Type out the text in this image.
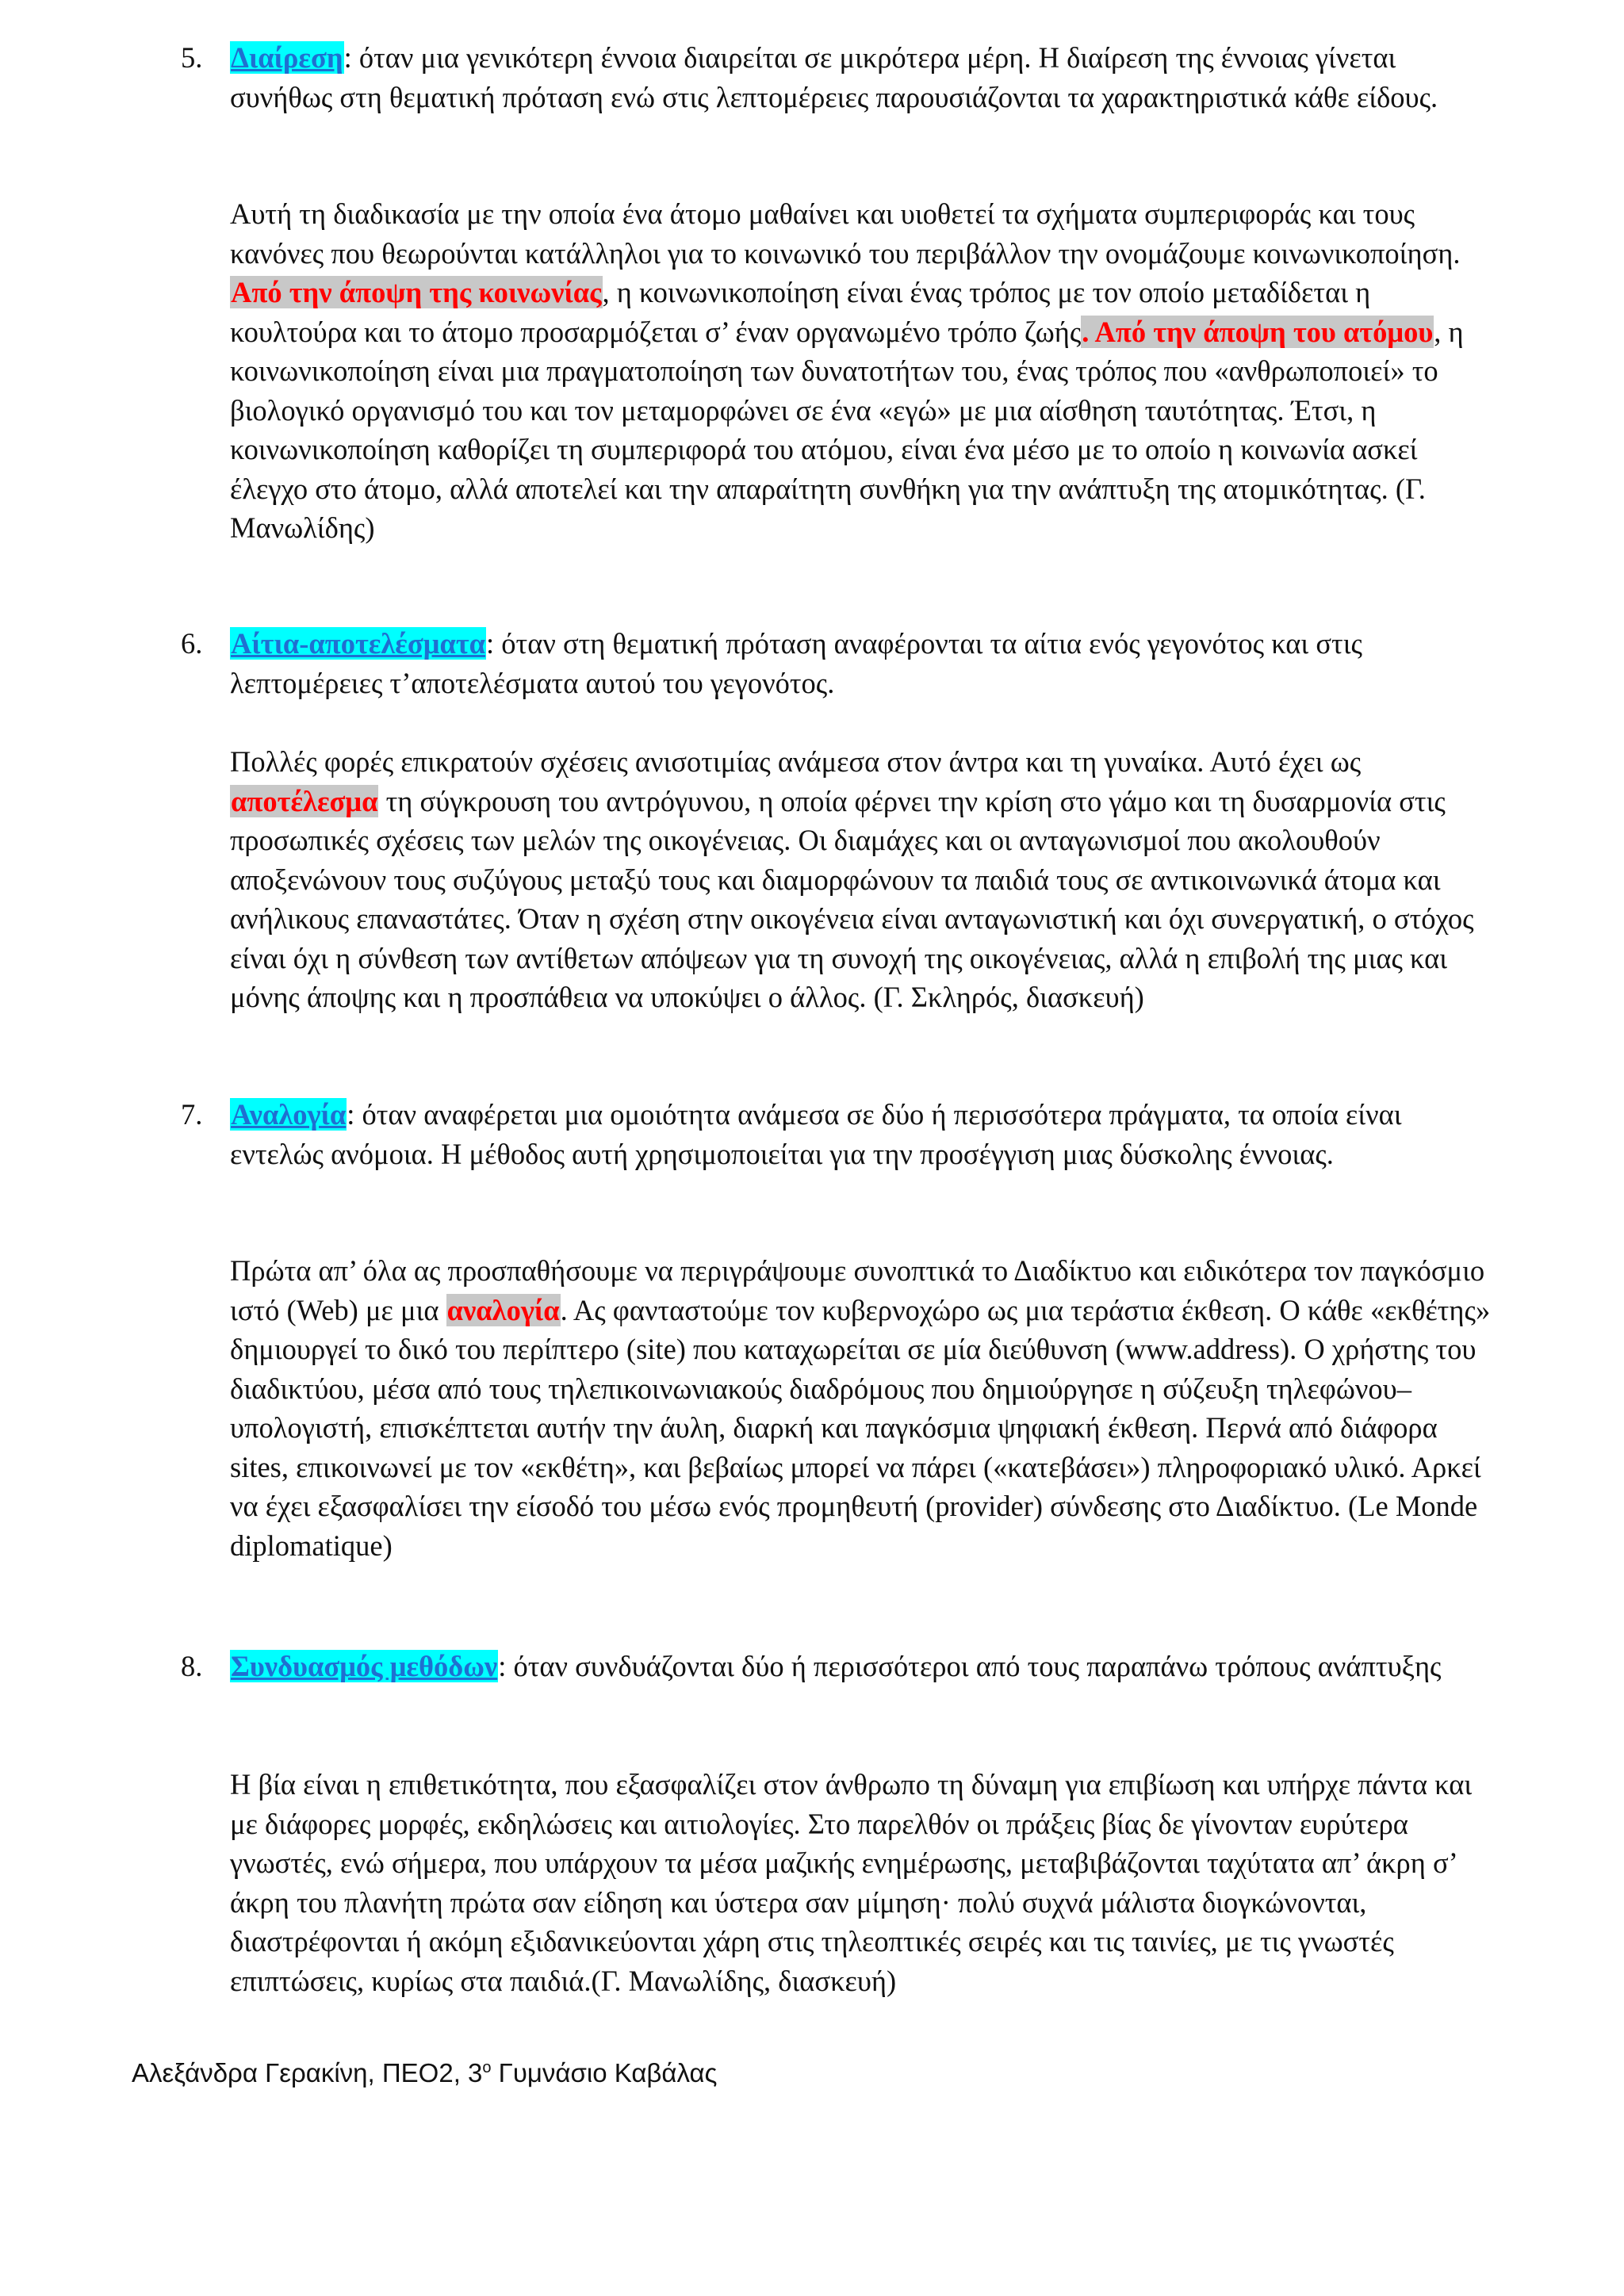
5. Διαίρεση: όταν μια γενικότερη έννοια διαιρείται σε μικρότερα μέρη. Η διαίρεση της έννοιας γίνεται συνήθως στη θεματική πρόταση ενώ στις λεπτομέρειες παρουσιάζονται τα χαρακτηριστικά κάθε είδους.
Αυτή τη διαδικασία με την οποία ένα άτομο μαθαίνει και υιοθετεί τα σχήματα συμπεριφοράς και τους κανόνες που θεωρούνται κατάλληλοι για το κοινωνικό του περιβάλλον την ονομάζουμε κοινωνικοποίηση. Από την άποψη της κοινωνίας, η κοινωνικοποίηση είναι ένας τρόπος με τον οποίο μεταδίδεται η κουλτούρα και το άτομο προσαρμόζεται σ’ έναν οργανωμένο τρόπο ζωής. Από την άποψη του ατόμου, η κοινωνικοποίηση είναι μια πραγματοποίηση των δυνατοτήτων του, ένας τρόπος που «ανθρωποποιεί» το βιολογικό οργανισμό του και τον μεταμορφώνει σε ένα «εγώ» με μια αίσθηση ταυτότητας. Έτσι, η κοινωνικοποίηση καθορίζει τη συμπεριφορά του ατόμου, είναι ένα μέσο με το οποίο η κοινωνία ασκεί έλεγχο στο άτομο, αλλά αποτελεί και την απαραίτητη συνθήκη για την ανάπτυξη της ατομικότητας. (Γ. Μανωλίδης)
6. Αίτια-αποτελέσματα: όταν στη θεματική πρόταση αναφέρονται τα αίτια ενός γεγονότος και στις λεπτομέρειες τ’αποτελέσματα αυτού του γεγονότος.
Πολλές φορές επικρατούν σχέσεις ανισοτιμίας ανάμεσα στον άντρα και τη γυναίκα. Αυτό έχει ως αποτέλεσμα τη σύγκρουση του αντρόγυνου, η οποία φέρνει την κρίση στο γάμο και τη δυσαρμονία στις προσωπικές σχέσεις των μελών της οικογένειας. Οι διαμάχες και οι ανταγωνισμοί που ακολουθούν αποξενώνουν τους συζύγους μεταξύ τους και διαμορφώνουν τα παιδιά τους σε αντικοινωνικά άτομα και ανήλικους επαναστάτες. Όταν η σχέση στην οικογένεια είναι ανταγωνιστική και όχι συνεργατική, ο στόχος είναι όχι η σύνθεση των αντίθετων απόψεων για τη συνοχή της οικογένειας, αλλά η επιβολή της μιας και μόνης άποψης και η προσπάθεια να υποκύψει ο άλλος. (Γ. Σκληρός, διασκευή)
7. Αναλογία: όταν αναφέρεται μια ομοιότητα ανάμεσα σε δύο ή περισσότερα πράγματα, τα οποία είναι εντελώς ανόμοια. Η μέθοδος αυτή χρησιμοποιείται για την προσέγγιση μιας δύσκολης έννοιας.
Πρώτα απ’ όλα ας προσπαθήσουμε να περιγράψουμε συνοπτικά το Διαδίκτυο και ειδικότερα τον παγκόσμιο ιστό (Web) με μια αναλογία. Ας φανταστούμε τον κυβερνοχώρο ως μια τεράστια έκθεση. Ο κάθε «εκθέτης» δημιουργεί το δικό του περίπτερο (site) που καταχωρείται σε μία διεύθυνση (www.address). Ο χρήστης του διαδικτύου, μέσα από τους τηλεπικοινωνιακούς διαδρόμους που δημιούργησε η σύζευξη τηλεφώνου–υπολογιστή, επισκέπτεται αυτήν την άυλη, διαρκή και παγκόσμια ψηφιακή έκθεση. Περνά από διάφορα sites, επικοινωνεί με τον «εκθέτη», και βεβαίως μπορεί να πάρει («κατεβάσει») πληροφοριακό υλικό. Αρκεί να έχει εξασφαλίσει την είσοδό του μέσω ενός προμηθευτή (provider) σύνδεσης στο Διαδίκτυο. (Le Monde diplomatique)
8. Συνδυασμός μεθόδων: όταν συνδυάζονται δύο ή περισσότεροι από τους παραπάνω τρόπους ανάπτυξης
Η βία είναι η επιθετικότητα, που εξασφαλίζει στον άνθρωπο τη δύναμη για επιβίωση και υπήρχε πάντα και με διάφορες μορφές, εκδηλώσεις και αιτιολογίες. Στο παρελθόν οι πράξεις βίας δε γίνονταν ευρύτερα γνωστές, ενώ σήμερα, που υπάρχουν τα μέσα μαζικής ενημέρωσης, μεταβιβάζονται ταχύτατα απ’ άκρη σ’ άκρη του πλανήτη πρώτα σαν είδηση και ύστερα σαν μίμηση· πολύ συχνά μάλιστα διογκώνονται, διαστρέφονται ή ακόμη εξιδανικεύονται χάρη στις τηλεοπτικές σειρές και τις ταινίες, με τις γνωστές επιπτώσεις, κυρίως στα παιδιά.(Γ. Μανωλίδης, διασκευή)
Αλεξάνδρα Γερακίνη, ΠΕΟ2, $3^o$ Γυμνάσιο Καβάλας
